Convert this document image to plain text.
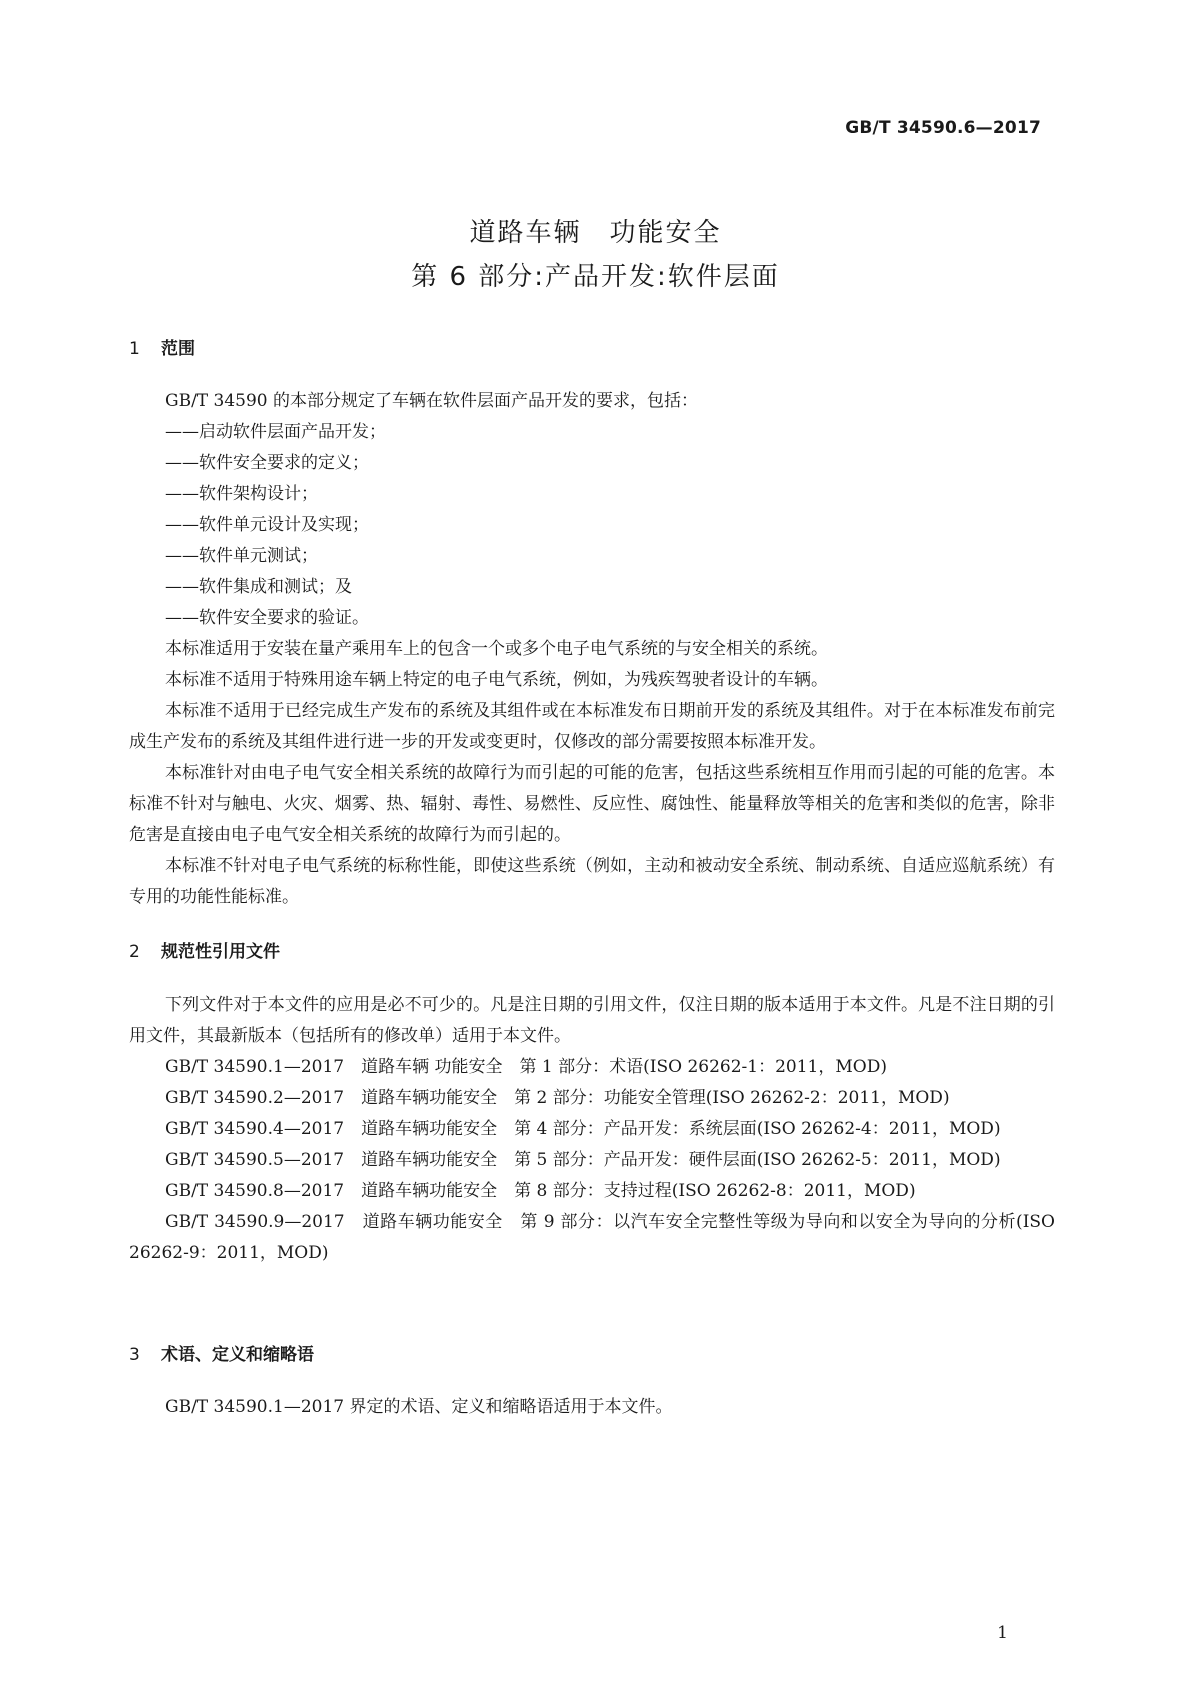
GB/T 34590.6—2017
道路车辆　功能安全
第 6 部分:产品开发:软件层面
1 范围

GB/T 34590 的本部分规定了车辆在软件层面产品开发的要求，包括：

——启动软件层面产品开发；

——软件安全要求的定义；

——软件架构设计；

——软件单元设计及实现；

——软件单元测试；

——软件集成和测试；及

——软件安全要求的验证。

本标准适用于安装在量产乘用车上的包含一个或多个电子电气系统的与安全相关的系统。

本标准不适用于特殊用途车辆上特定的电子电气系统，例如，为残疾驾驶者设计的车辆。

本标准不适用于已经完成生产发布的系统及其组件或在本标准发布日期前开发的系统及其组件。对于在本标准发布前完成生产发布的系统及其组件进行进一步的开发或变更时，仅修改的部分需要按照本标准开发。

本标准针对由电子电气安全相关系统的故障行为而引起的可能的危害，包括这些系统相互作用而引起的可能的危害。本标准不针对与触电、火灾、烟雾、热、辐射、毒性、易燃性、反应性、腐蚀性、能量释放等相关的危害和类似的危害，除非危害是直接由电子电气安全相关系统的故障行为而引起的。

本标准不针对电子电气系统的标称性能，即使这些系统（例如，主动和被动安全系统、制动系统、自适应巡航系统）有专用的功能性能标准。

2 规范性引用文件

下列文件对于本文件的应用是必不可少的。凡是注日期的引用文件，仅注日期的版本适用于本文件。凡是不注日期的引用文件，其最新版本（包括所有的修改单）适用于本文件。

GB/T 34590.1—2017　道路车辆 功能安全　第 1 部分：术语(ISO 26262-1：2011，MOD)

GB/T 34590.2—2017　道路车辆功能安全　第 2 部分：功能安全管理(ISO 26262-2：2011，MOD)

GB/T 34590.4—2017　道路车辆功能安全　第 4 部分：产品开发：系统层面(ISO 26262-4：2011，MOD)

GB/T 34590.5—2017　道路车辆功能安全　第 5 部分：产品开发：硬件层面(ISO 26262-5：2011，MOD)

GB/T 34590.8—2017　道路车辆功能安全　第 8 部分：支持过程(ISO 26262-8：2011，MOD)

GB/T 34590.9—2017　道路车辆功能安全　第 9 部分：以汽车安全完整性等级为导向和以安全为导向的分析(ISO 26262-9：2011，MOD)

3 术语、定义和缩略语

GB/T 34590.1—2017 界定的术语、定义和缩略语适用于本文件。

1
